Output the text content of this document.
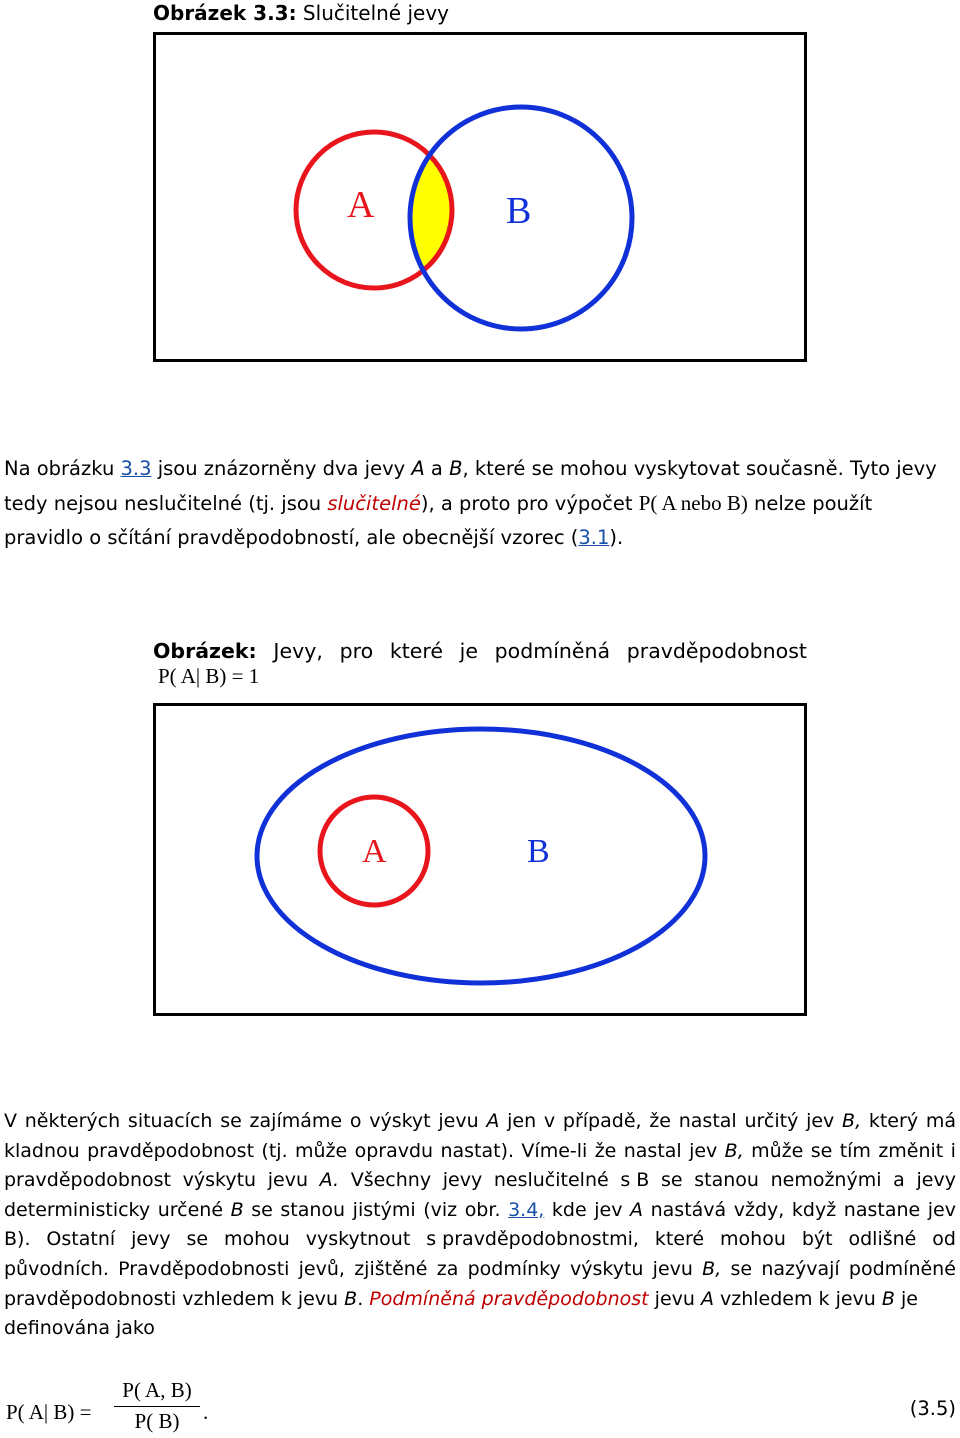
Obrázek 3.3: Slučitelné jevy
A	B
Na obrázku 3.3 jsou znázorněny dva jevy A a B, které se mohou vyskytovat současně. Tyto jevy
tedy nejsou neslučitelné (tj. jsou slučitelné), a proto pro výpočet P( A nebo B) nelze použít
pravidlo o sčítání pravděpodobností, ale obecnější vzorec (3.1).
Obrázek: Jevy, pro které je podmíněná pravděpodobnost
P( A| B) = 1
A	B
V některých situacích se zajímáme o výskyt jevu A jen v případě, že nastal určitý jev B, který má
kladnou pravděpodobnost (tj. může opravdu nastat). Víme-li že nastal jev B, může se tím změnit i
pravděpodobnost výskytu jevu A. Všechny jevy neslučitelné s B se stanou nemožnými a jevy
deterministicky určené B se stanou jistými (viz obr. 3.4, kde jev A nastává vždy, když nastane jev
B). Ostatní jevy se mohou vyskytnout s pravděpodobnostmi, které mohou být odlišné od
původních. Pravděpodobnosti jevů, zjištěné za podmínky výskytu jevu B, se nazývají podmíněné
pravděpodobnosti vzhledem k jevu B. Podmíněná pravděpodobnost jevu A vzhledem k jevu B je
definována jako
P( A| B) =
P( A, B)
P( B)	.	(3.5)
